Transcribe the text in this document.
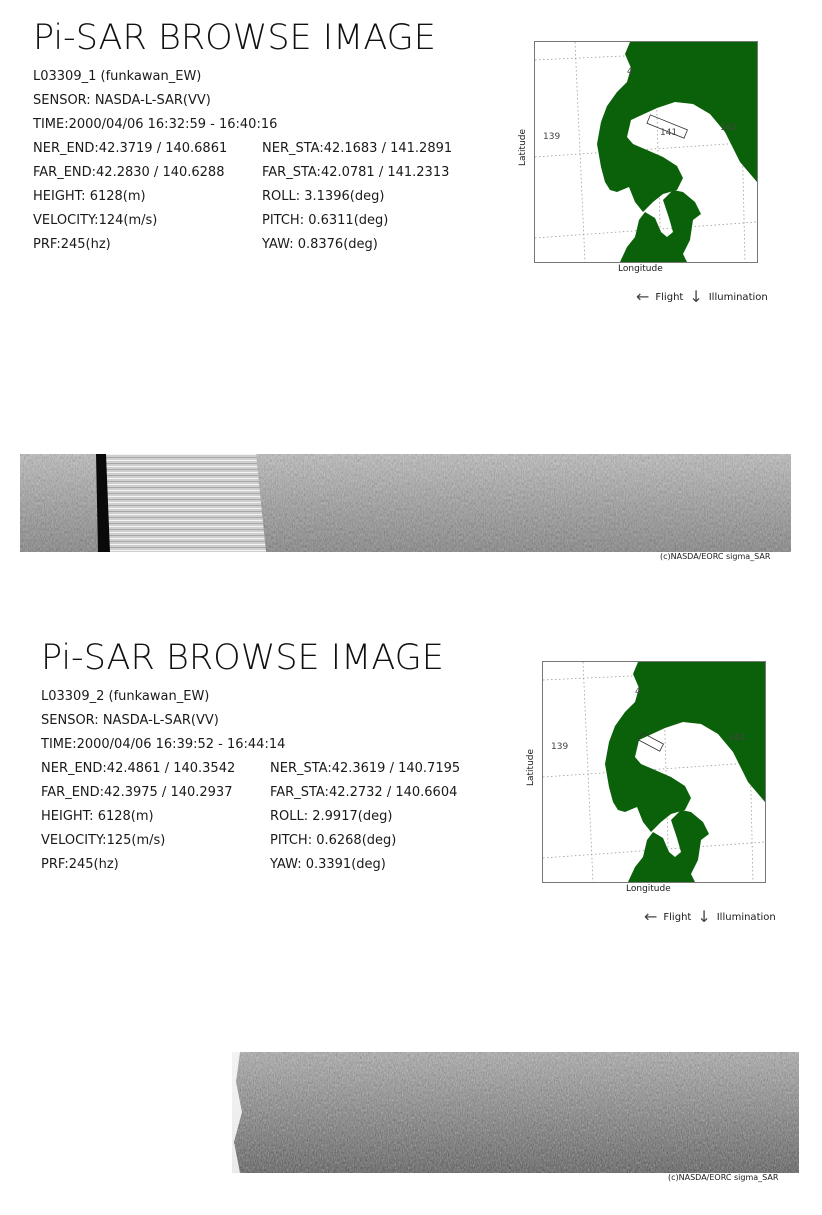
Pi-SAR BROWSE IMAGE
L03309_1 (funkawan_EW)
SENSOR: NASDA-L-SAR(VV)
TIME:2000/04/06 16:32:59 - 16:40:16
NER_END:42.3719 / 140.6861	NER_STA:42.1683 / 141.2891
FAR_END:42.2830 / 140.6288	FAR_STA:42.0781 / 141.2313
HEIGHT: 6128(m)	ROLL: 3.1396(deg)
VELOCITY:124(m/s)	PITCH: 0.6311(deg)
PRF:245(hz)	YAW: 0.8376(deg)
139	141	142
4
Latitude
Longitude
← Flight ↓ Illumination
(c)NASDA/EORC sigma_SAR
Pi-SAR BROWSE IMAGE
L03309_2 (funkawan_EW)
SENSOR: NASDA-L-SAR(VV)
TIME:2000/04/06 16:39:52 - 16:44:14
NER_END:42.4861 / 140.3542	NER_STA:42.3619 / 140.7195
FAR_END:42.3975 / 140.2937	FAR_STA:42.2732 / 140.6604
HEIGHT: 6128(m)	ROLL: 2.9917(deg)
VELOCITY:125(m/s)	PITCH: 0.6268(deg)
PRF:245(hz)	YAW: 0.3391(deg)
139
142
4
Latitude
Longitude
← Flight ↓ Illumination
(c)NASDA/EORC sigma_SAR
